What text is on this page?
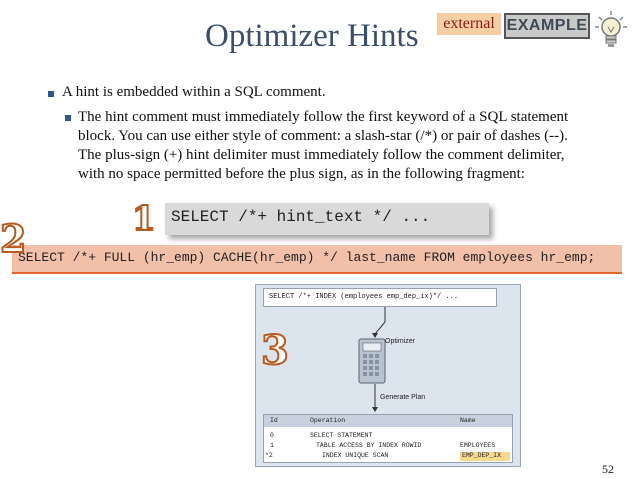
Optimizer Hints	external EXAMPLE
A hint is embedded within a SQL comment.
The hint comment must immediately follow the first keyword of a SQL statement block. You can use either style of comment: a slash-star (/*) or pair of dashes (--). The plus-sign (+) hint delimiter must immediately follow the comment delimiter, with no space permitted before the plus sign, as in the following fragment:
SELECT /*+ hint_text */ ...
SELECT /*+ FULL (hr_emp) CACHE(hr_emp) */ last_name FROM employees hr_emp;
1
2
SELECT /*+ INDEX (employees emp_dep_ix)*/ ...
Optimizer
Generate Plan
Id	Operation	Name
0	SELECT STATEMENT
1	TABLE ACCESS BY INDEX ROWID	EMPLOYEES
*2	INDEX UNIQUE SCAN	EMP_DEP_IX
3
52
